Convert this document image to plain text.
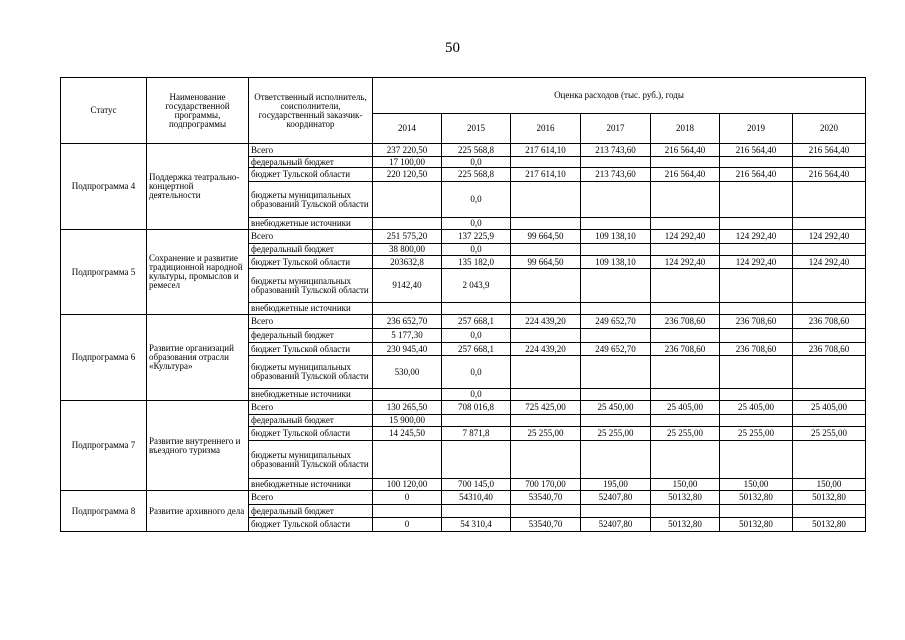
50
Статус	Наименование государственной программы, подпрограммы	Ответственный исполнитель, соисполнители, государственный заказчик-координатор	Оценка расходов (тыс. руб.), годы						
			2014	2015	2016	2017	2018	2019	2020
Подпрограмма 4	Поддержка театрально-концертной деятельности	Всего	237 220,50	225 568,8	217 614,10	213 743,60	216 564,40	216 564,40	216 564,40
		федеральный бюджет	17 100,00	0,0					
		бюджет Тульской области	220 120,50	225 568,8	217 614,10	213 743,60	216 564,40	216 564,40	216 564,40
		бюджеты муниципальных образований Тульской области		0,0					
		внебюджетные источники		0,0					
Подпрограмма 5	Сохранение и развитие традиционной народной культуры, промыслов и ремесел	Всего	251 575,20	137 225,9	99 664,50	109 138,10	124 292,40	124 292,40	124 292,40
		федеральный бюджет	38 800,00	0,0					
		бюджет Тульской области	203632,8	135 182,0	99 664,50	109 138,10	124 292,40	124 292,40	124 292,40
		бюджеты муниципальных образований Тульской области	9142,40	2 043,9					
		внебюджетные источники							
Подпрограмма 6	Развитие организаций образования отрасли «Культура»	Всего	236 652,70	257 668,1	224 439,20	249 652,70	236 708,60	236 708,60	236 708,60
		федеральный бюджет	5 177,30	0,0					
		бюджет Тульской области	230 945,40	257 668,1	224 439,20	249 652,70	236 708,60	236 708,60	236 708,60
		бюджеты муниципальных образований Тульской области	530,00	0,0					
		внебюджетные источники		0,0					
Подпрограмма 7	Развитие внутреннего и въездного туризма	Всего	130 265,50	708 016,8	725 425,00	25 450,00	25 405,00	25 405,00	25 405,00
		федеральный бюджет	15 900,00						
		бюджет Тульской области	14 245,50	7 871,8	25 255,00	25 255,00	25 255,00	25 255,00	25 255,00
		бюджеты муниципальных образований Тульской области							
		внебюджетные источники	100 120,00	700 145,0	700 170,00	195,00	150,00	150,00	150,00
Подпрограмма 8	Развитие архивного дела	Всего	0	54310,40	53540,70	52407,80	50132,80	50132,80	50132,80
		федеральный бюджет							
		бюджет Тульской области	0	54 310,4	53540,70	52407,80	50132,80	50132,80	50132,80
